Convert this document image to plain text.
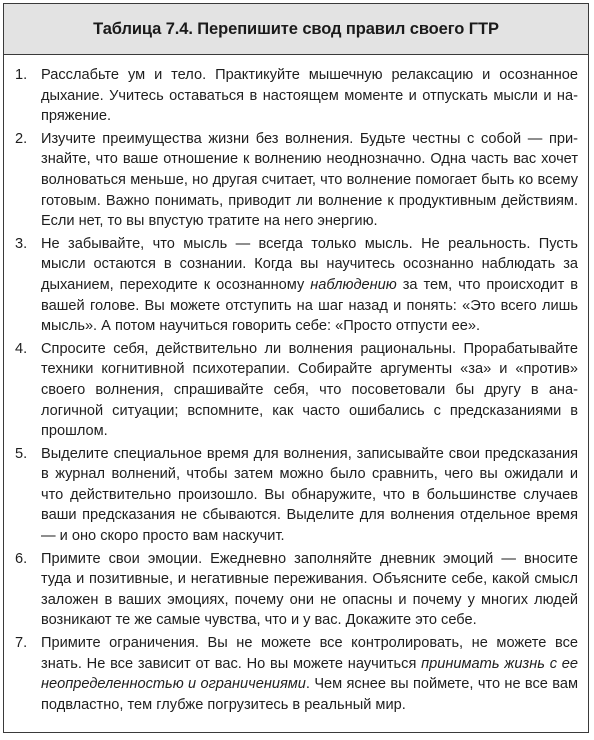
Таблица 7.4. Перепишите свод правил своего ГТР
1. Расслабьте ум и тело. Практикуйте мышечную релаксацию и осознанное дыхание. Учитесь оставаться в настоящем моменте и отпускать мысли и напряжение.
2. Изучите преимущества жизни без волнения. Будьте честны с собой — признайте, что ваше отношение к волнению неоднозначно. Одна часть вас хочет волноваться меньше, но другая считает, что волнение помогает быть ко всему готовым. Важно понимать, приводит ли волнение к продуктивным действиям. Если нет, то вы впустую тратите на него энергию.
3. Не забывайте, что мысль — всегда только мысль. Не реальность. Пусть мысли остаются в сознании. Когда вы научитесь осознанно наблюдать за дыханием, переходите к осознанному наблюдению за тем, что происходит в вашей голове. Вы можете отступить на шаг назад и понять: «Это всего лишь мысль». А потом научиться говорить себе: «Просто отпусти ее».
4. Спросите себя, действительно ли волнения рациональны. Прорабатывайте техники когнитивной психотерапии. Собирайте аргументы «за» и «против» своего волнения, спрашивайте себя, что посоветовали бы другу в аналогичной ситуации; вспомните, как часто ошибались с предсказаниями в прошлом.
5. Выделите специальное время для волнения, записывайте свои предсказания в журнал волнений, чтобы затем можно было сравнить, чего вы ожидали и что действительно произошло. Вы обнаружите, что в большинстве случаев ваши предсказания не сбываются. Выделите для волнения отдельное время — и оно скоро просто вам наскучит.
6. Примите свои эмоции. Ежедневно заполняйте дневник эмоций — вносите туда и позитивные, и негативные переживания. Объясните себе, какой смысл заложен в ваших эмоциях, почему они не опасны и почему у многих людей возникают те же самые чувства, что и у вас. Докажите это себе.
7. Примите ограничения. Вы не можете все контролировать, не можете все знать. Не все зависит от вас. Но вы можете научиться принимать жизнь с ее неопределенностью и ограничениями. Чем яснее вы поймете, что не все вам подвластно, тем глубже погрузитесь в реальный мир.
